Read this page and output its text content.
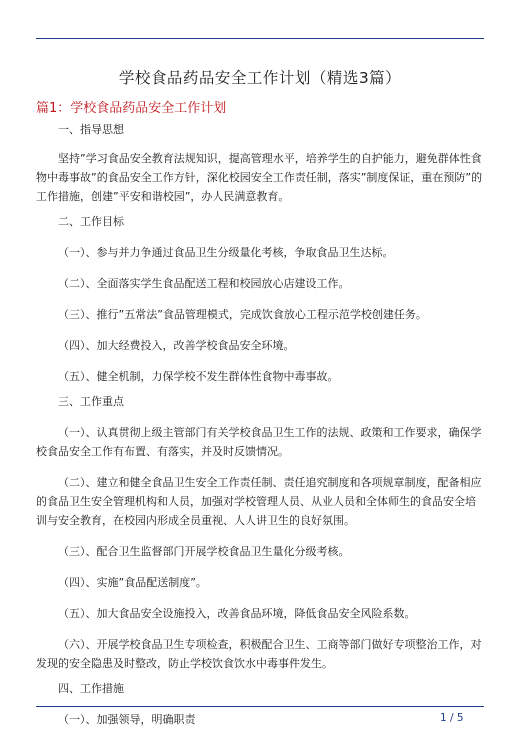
学校食品药品安全工作计划（精选3篇）
篇1：学校食品药品安全工作计划

一、指导思想

坚持”学习食品安全教育法规知识，提高管理水平，培养学生的自护能力，避免群体性食物中毒事故”的食品安全工作方针，深化校园安全工作责任制，落实”制度保证，重在预防”的工作措施，创建”平安和谐校园”，办人民满意教育。

二、工作目标

（一）、参与并力争通过食品卫生分级量化考核，争取食品卫生达标。

（二）、全面落实学生食品配送工程和校园放心店建设工作。

（三）、推行”五常法”食品管理模式，完成饮食放心工程示范学校创建任务。

（四）、加大经费投入，改善学校食品安全环境。

（五）、健全机制，力保学校不发生群体性食物中毒事故。

三、工作重点

（一）、认真贯彻上级主管部门有关学校食品卫生工作的法规、政策和工作要求，确保学校食品安全工作有布置、有落实，并及时反馈情况。

（二）、建立和健全食品卫生安全工作责任制、责任追究制度和各项规章制度，配备相应的食品卫生安全管理机构和人员，加强对学校管理人员、从业人员和全体师生的食品安全培训与安全教育，在校园内形成全员重视、人人讲卫生的良好氛围。

（三）、配合卫生监督部门开展学校食品卫生量化分级考核。

（四）、实施”食品配送制度”。

（五）、加大食品安全设施投入，改善食品环境，降低食品安全风险系数。

（六）、开展学校食品卫生专项检查，积极配合卫生、工商等部门做好专项整治工作，对发现的安全隐患及时整改，防止学校饮食饮水中毒事件发生。

四、工作措施

（一）、加强领导，明确职责	1 / 5
